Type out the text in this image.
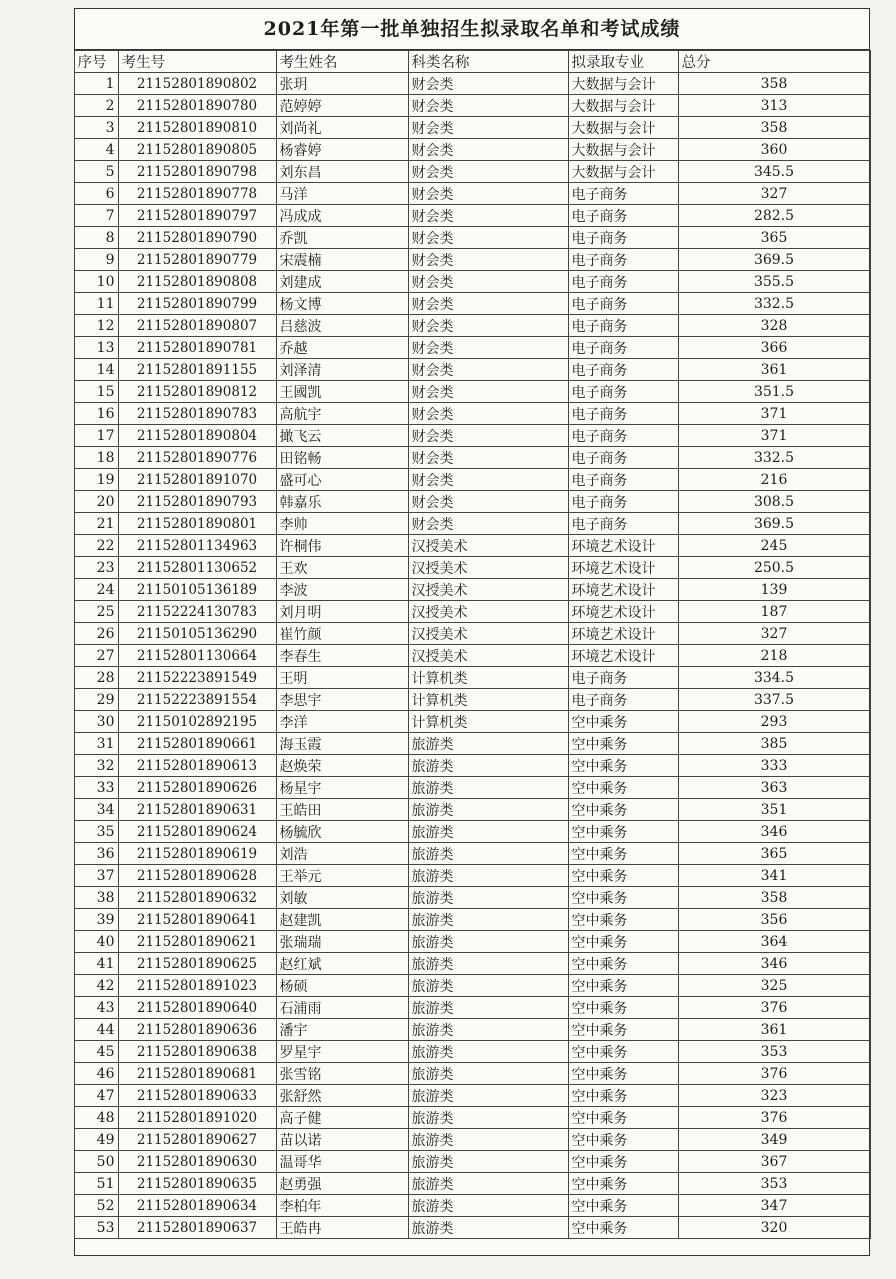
2021年第一批单独招生拟录取名单和考试成绩
序号	考生号	考生姓名	科类名称	拟录取专业	总分
1	21152801890802	张玥	财会类	大数据与会计	358
2	21152801890780	范婷婷	财会类	大数据与会计	313
3	21152801890810	刘尚礼	财会类	大数据与会计	358
4	21152801890805	杨睿婷	财会类	大数据与会计	360
5	21152801890798	刘东昌	财会类	大数据与会计	345.5
6	21152801890778	马洋	财会类	电子商务	327
7	21152801890797	冯成成	财会类	电子商务	282.5
8	21152801890790	乔凯	财会类	电子商务	365
9	21152801890779	宋震楠	财会类	电子商务	369.5
10	21152801890808	刘建成	财会类	电子商务	355.5
11	21152801890799	杨文博	财会类	电子商务	332.5
12	21152801890807	吕慈波	财会类	电子商务	328
13	21152801890781	乔越	财会类	电子商务	366
14	21152801891155	刘泽清	财会类	电子商务	361
15	21152801890812	王國凯	财会类	电子商务	351.5
16	21152801890783	高航宇	财会类	电子商务	371
17	21152801890804	撖飞云	财会类	电子商务	371
18	21152801890776	田铭畅	财会类	电子商务	332.5
19	21152801891070	盛可心	财会类	电子商务	216
20	21152801890793	韩嘉乐	财会类	电子商务	308.5
21	21152801890801	李帅	财会类	电子商务	369.5
22	21152801134963	许桐伟	汉授美术	环境艺术设计	245
23	21152801130652	王欢	汉授美术	环境艺术设计	250.5
24	21150105136189	李波	汉授美术	环境艺术设计	139
25	21152224130783	刘月明	汉授美术	环境艺术设计	187
26	21150105136290	崔竹颜	汉授美术	环境艺术设计	327
27	21152801130664	李春生	汉授美术	环境艺术设计	218
28	21152223891549	王明	计算机类	电子商务	334.5
29	21152223891554	李思宇	计算机类	电子商务	337.5
30	21150102892195	李洋	计算机类	空中乘务	293
31	21152801890661	海玉霞	旅游类	空中乘务	385
32	21152801890613	赵焕荣	旅游类	空中乘务	333
33	21152801890626	杨星宇	旅游类	空中乘务	363
34	21152801890631	王皓田	旅游类	空中乘务	351
35	21152801890624	杨毓欣	旅游类	空中乘务	346
36	21152801890619	刘浩	旅游类	空中乘务	365
37	21152801890628	王举元	旅游类	空中乘务	341
38	21152801890632	刘敏	旅游类	空中乘务	358
39	21152801890641	赵建凯	旅游类	空中乘务	356
40	21152801890621	张瑞瑞	旅游类	空中乘务	364
41	21152801890625	赵红斌	旅游类	空中乘务	346
42	21152801891023	杨硕	旅游类	空中乘务	325
43	21152801890640	石浦雨	旅游类	空中乘务	376
44	21152801890636	潘宇	旅游类	空中乘务	361
45	21152801890638	罗星宇	旅游类	空中乘务	353
46	21152801890681	张雪铭	旅游类	空中乘务	376
47	21152801890633	张舒然	旅游类	空中乘务	323
48	21152801891020	高子健	旅游类	空中乘务	376
49	21152801890627	苗以诺	旅游类	空中乘务	349
50	21152801890630	温哥华	旅游类	空中乘务	367
51	21152801890635	赵勇强	旅游类	空中乘务	353
52	21152801890634	李柏年	旅游类	空中乘务	347
53	21152801890637	王皓冉	旅游类	空中乘务	320
